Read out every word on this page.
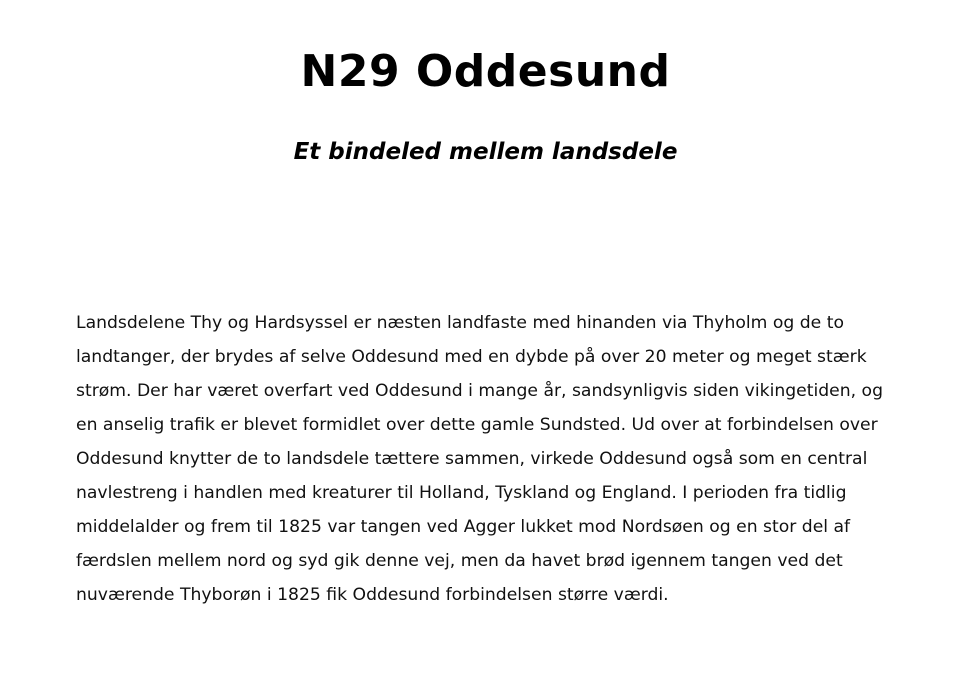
N29 Oddesund
Et bindeled mellem landsdele

Landsdelene Thy og Hardsyssel er næsten landfaste med hinanden via Thyholm og de to landtanger, der brydes af selve Oddesund med en dybde på over 20 meter og meget stærk strøm. Der har været overfart ved Oddesund i mange år, sandsynligvis siden vikingetiden, og en anselig trafik er blevet formidlet over dette gamle Sundsted. Ud over at forbindelsen over Oddesund knytter de to landsdele tættere sammen, virkede Oddesund også som en central navlestreng i handlen med kreaturer til Holland, Tyskland og England. I perioden fra tidlig middelalder og frem til 1825 var tangen ved Agger lukket mod Nordsøen og en stor del af færdslen mellem nord og syd gik denne vej, men da havet brød igennem tangen ved det nuværende Thyborøn i 1825 fik Oddesund forbindelsen større værdi.
